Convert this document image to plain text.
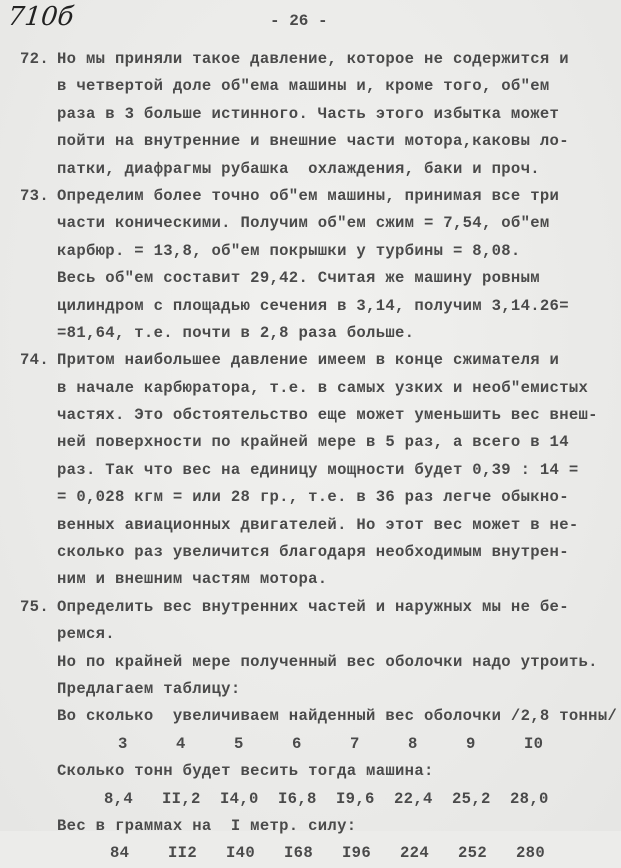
710б	- 26 -
72. Но мы приняли такое давление, которое не содержится и
в четвертой доле об"ема машины и, кроме того, об"ем
раза в 3 больше истинного. Часть этого избытка может
пойти на внутренние и внешние части мотора,каковы ло-
патки, диафрагмы рубашка  охлаждения, баки и проч.
73. Определим более точно об"ем машины, принимая все три
части коническими. Получим об"ем сжим = 7,54, об"ем
карбюр. = 13,8, об"ем покрышки у турбины = 8,08.
Весь об"ем составит 29,42. Считая же машину ровным
цилиндром с площадью сечения в 3,14, получим 3,14.26=
=81,64, т.е. почти в 2,8 раза больше.
74. Притом наибольшее давление имеем в конце сжимателя и
в начале карбюратора, т.е. в самых узких и необ"емистых
частях. Это обстоятельство еще может уменьшить вес внеш-
ней поверхности по крайней мере в 5 раз, а всего в 14
раз. Так что вес на единицу мощности будет 0,39 : 14 =
= 0,028 кгм = или 28 гр., т.е. в 36 раз легче обыкно-
венных авиационных двигателей. Но этот вес может в не-
сколько раз увеличится благодаря необходимым внутрен-
ним и внешним частям мотора.
75. Определить вес внутренних частей и наружных мы не бе-
ремся.
Но по крайней мере полученный вес оболочки надо утроить.
Предлагаем таблицу:
Во сколько  увеличиваем найденный вес оболочки /2,8 тонны/
3	4	5	6	7	8	9	I0
Сколько тонн будет весить тогда машина:
8,4	II,2	I4,0	I6,8	I9,6	22,4	25,2	28,0
Вес в граммах на  I метр. силу:
84	II2	I40	I68	I96	224	252	280
